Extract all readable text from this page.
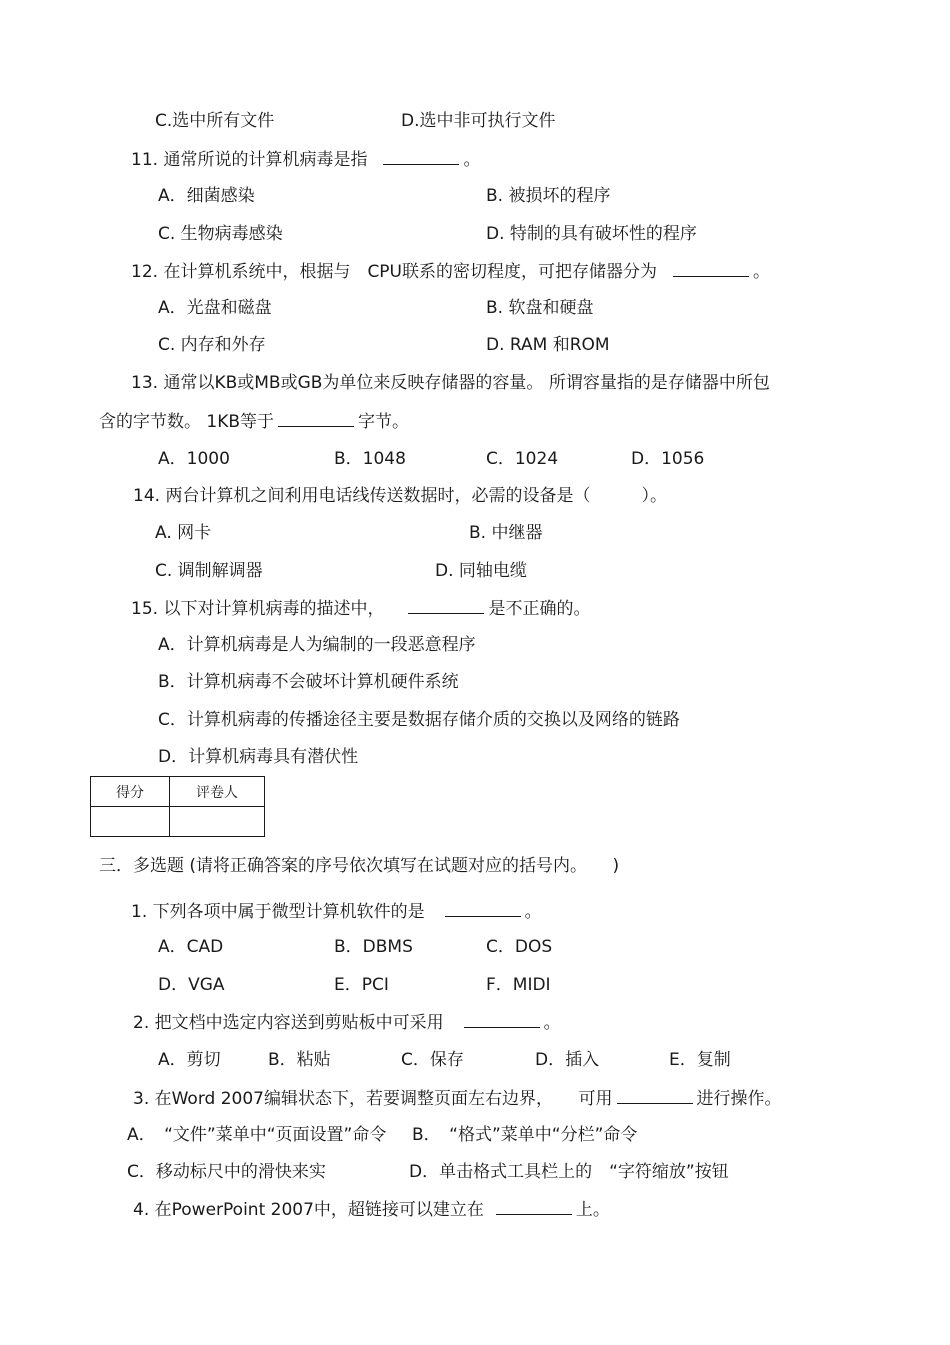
C.选中所有文件	D.选中非可执行文件
11. 通常所说的计算机病毒是指	。
A．细菌感染	B. 被损坏的程序
C. 生物病毒感染	D. 特制的具有破坏性的程序
12. 在计算机系统中，根据与　CPU联系的密切程度，可把存储器分为	。
A．光盘和磁盘	B. 软盘和硬盘
C. 内存和外存	D. RAM 和ROM
13. 通常以KB或MB或GB为单位来反映存储器的容量。 所谓容量指的是存储器中所包
含的字节数。 1KB等于	字节。
A．1000	B．1048	C．1024	D．1056
14. 两台计算机之间利用电话线传送数据时，必需的设备是（　　　）。
A. 网卡	B. 中继器
C. 调制解调器	D. 同轴电缆
15. 以下对计算机病毒的描述中，	是不正确的。
A．计算机病毒是人为编制的一段恶意程序
B．计算机病毒不会破坏计算机硬件系统
C．计算机病毒的传播途径主要是数据存储介质的交换以及网络的链路
D．计算机病毒具有潜伏性
得分	评卷人

三．多选题 (请将正确答案的序号依次填写在试题对应的括号内。　　)
1. 下列各项中属于微型计算机软件的是	。
A．CAD	B．DBMS	C．DOS
D．VGA	E．PCI	F．MIDI
2. 把文档中选定内容送到剪贴板中可采用	。
A．剪切	B．粘贴	C．保存	D．插入	E．复制
3. 在Word 2007编辑状态下，若要调整页面左右边界，　　可用	进行操作。
A．　“文件”菜单中“页面设置”命令 B．　“格式”菜单中“分栏”命令
C．移动标尺中的滑快来实	D．单击格式工具栏上的　“字符缩放”按钮
4. 在PowerPoint 2007中，超链接可以建立在	上。
